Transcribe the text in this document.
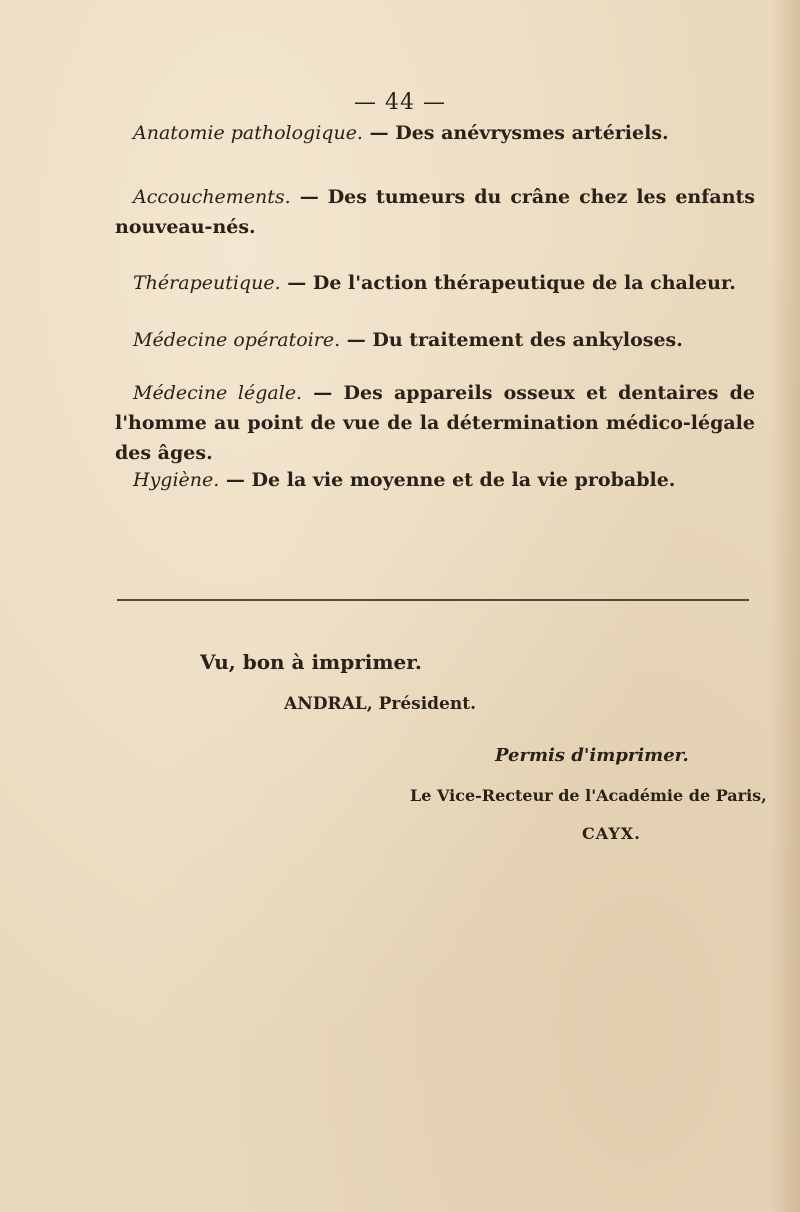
— 44 —
Anatomie pathologique. — Des anévrysmes artériels.
Accouchements. — Des tumeurs du crâne chez les enfants nouveau-nés.
Thérapeutique. — De l'action thérapeutique de la chaleur.
Médecine opératoire. — Du traitement des ankyloses.
Médecine légale. — Des appareils osseux et dentaires de l'homme au point de vue de la détermination médico-légale des âges.
Hygiène. — De la vie moyenne et de la vie probable.
Vu, bon à imprimer.
ANDRAL, Président.
Permis d'imprimer.
Le Vice-Recteur de l'Académie de Paris,
CAYX.
